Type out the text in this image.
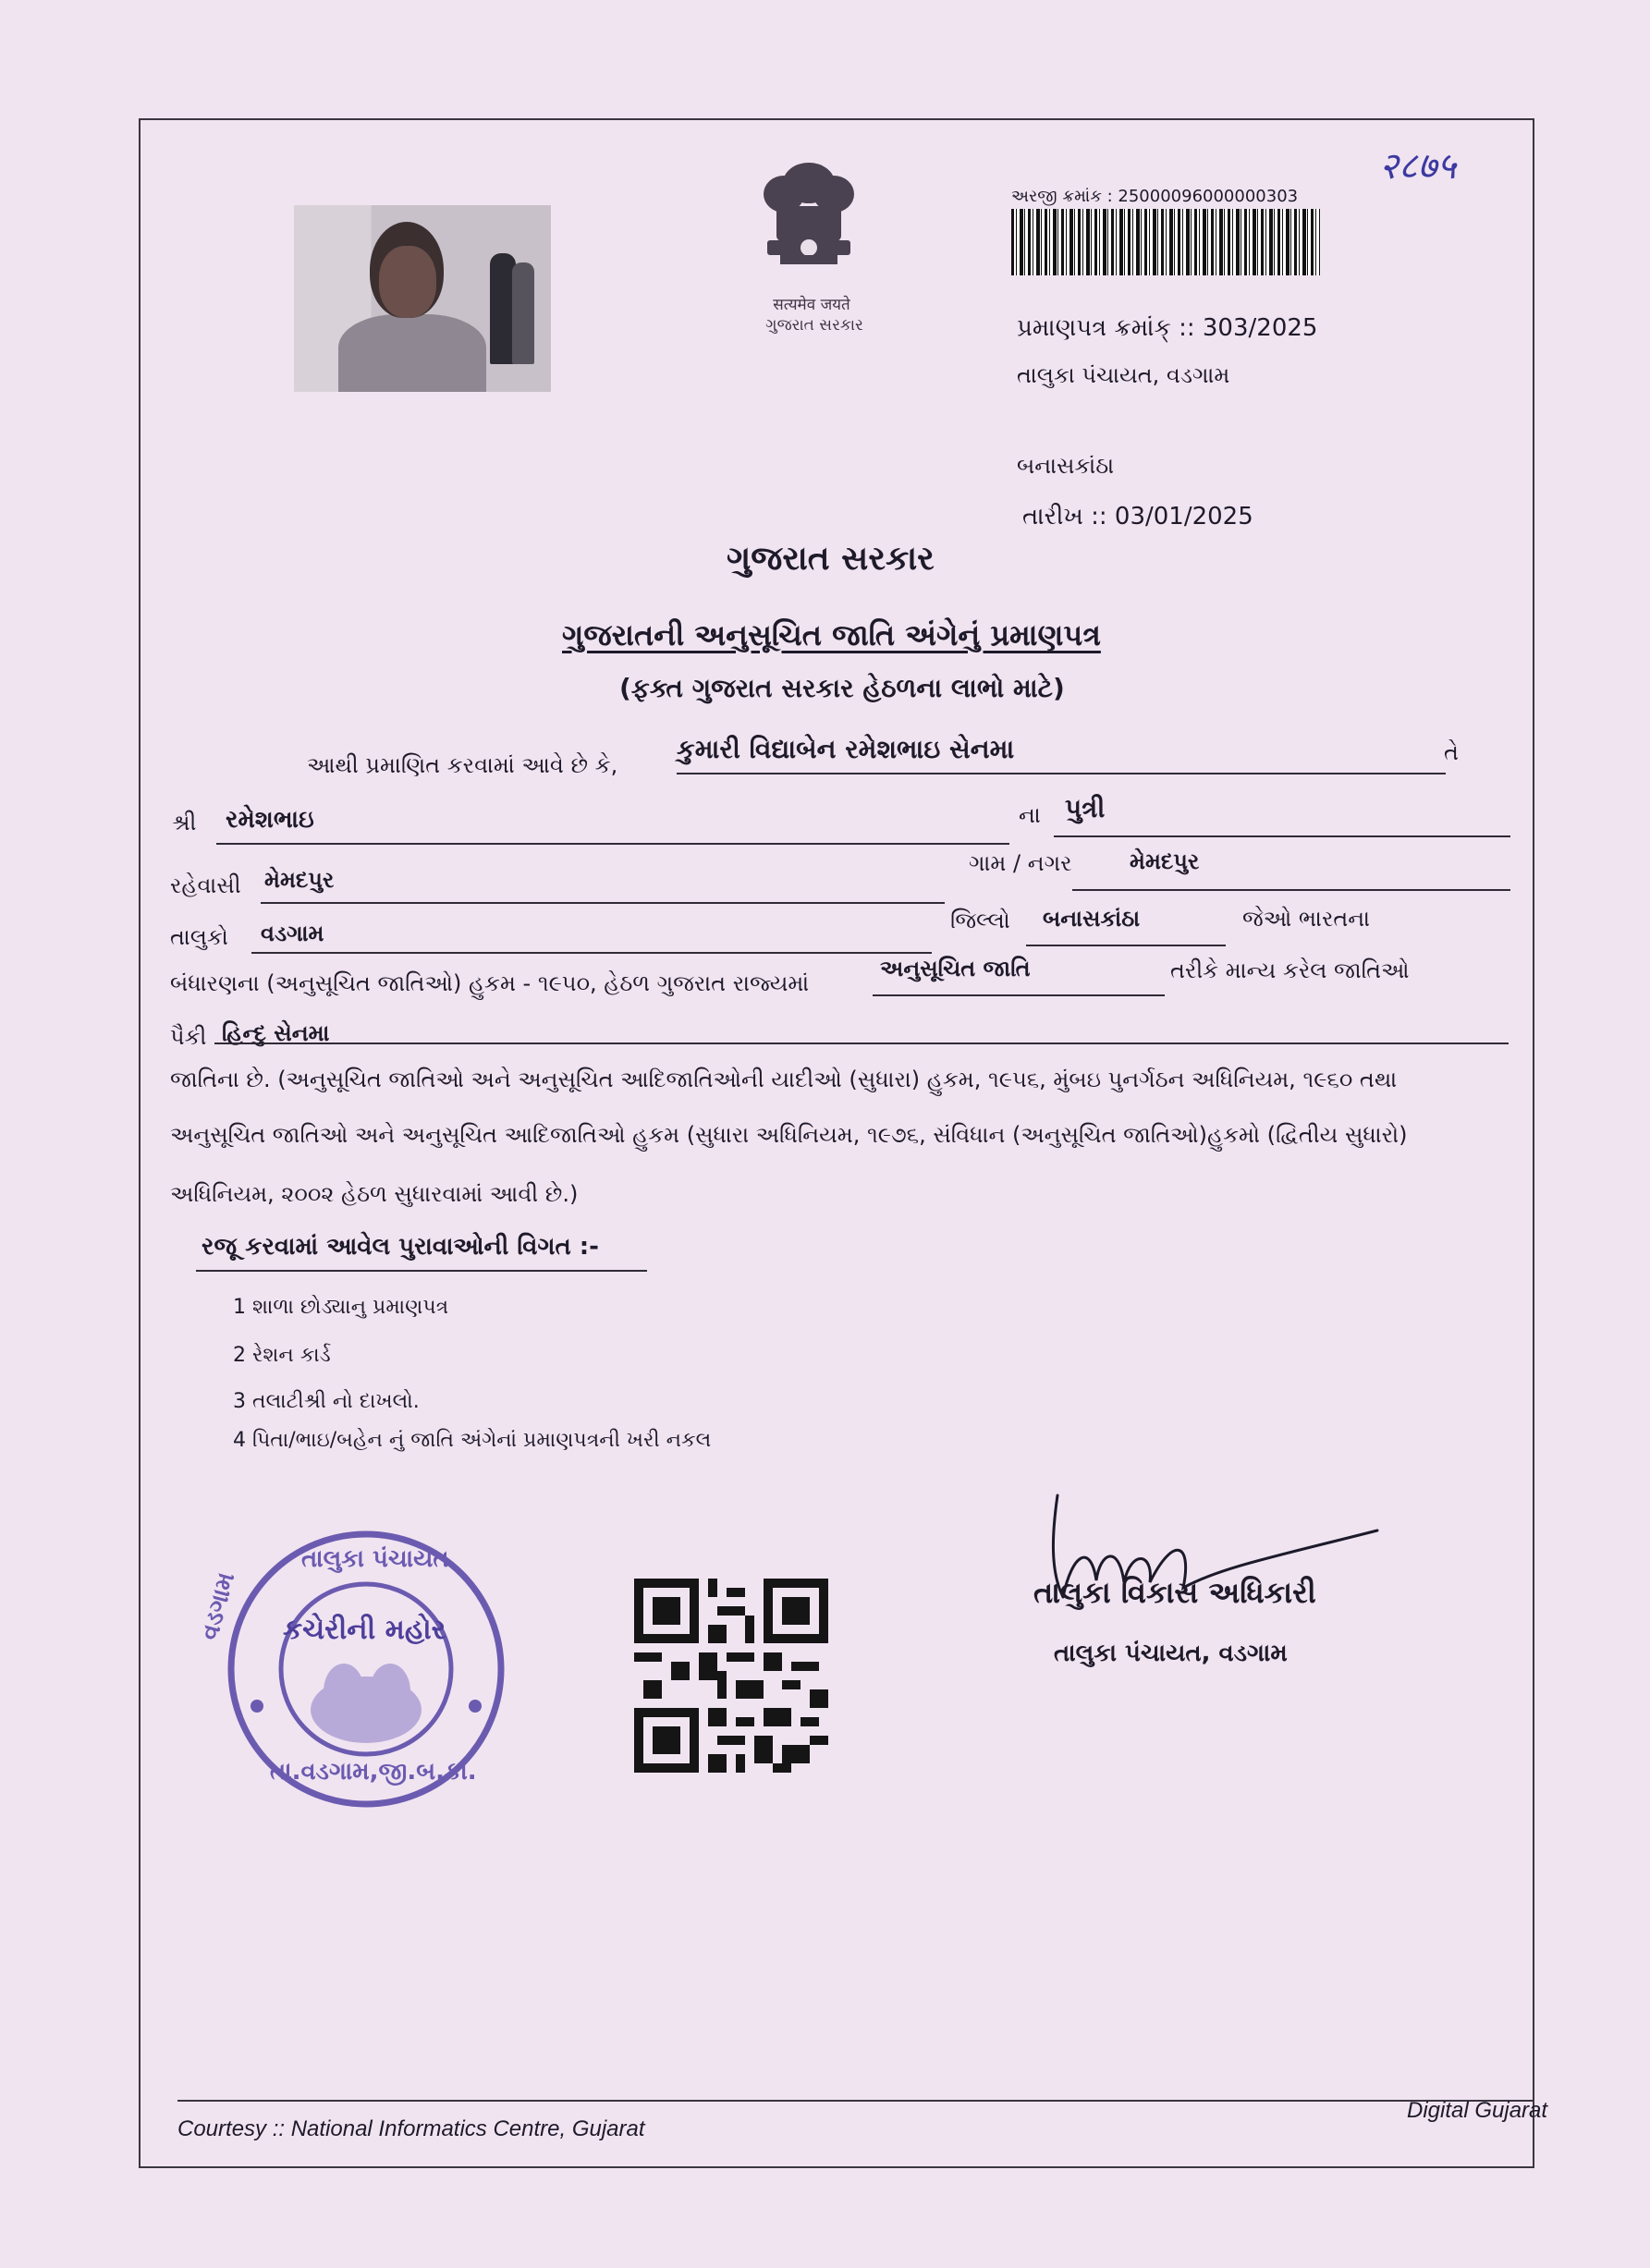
२८७५
सत्यमेव जयते
ગુજરાત સરકાર
અરજી ક્રમાંક : 25000096000000303
પ્રમાણપત્ર ક્રમાંક્ :: 303/2025
તાલુકા પંચાયત, વડગામ
બનાસકાંઠા
તારીખ :: 03/01/2025
ગુજરાત સરકાર
ગુજરાતની અનુસૂચિત જાતિ અંગેનું પ્રમાણપત્ર
(ફક્ત ગુજરાત સરકાર હેઠળના લાભો માટે)
આથી પ્રમાણિત કરવામાં આવે છે કે,
કુમારી વિદ્યાબેન રમેશભાઇ સેનમા	તે
શ્રી રમેશભાઇ	ના પુત્રી
રહેવાસી મેમદપુર
ગામ / નગર	મેમદપુર
તાલુકો વડગામ	જિલ્લો બનાસકાંઠા	જેઓ ભારતના
બંધારણના (અનુસૂચિત જાતિઓ) હુકમ - ૧૯૫૦, હેઠળ ગુજરાત રાજ્યમાં
અનુસૂચિત જાતિ	તરીકે માન્ય કરેલ જાતિઓ
પૈકી હિન્દુ સેનમા
જાતિના છે. (અનુસૂચિત જાતિઓ અને અનુસૂચિત આદિજાતિઓની યાદીઓ (સુધારા) હુકમ, ૧૯૫૬, મુંબઇ પુનર્ગઠન અધિનિયમ, ૧૯૬૦ તથા
અનુસૂચિત જાતિઓ અને અનુસૂચિત આદિજાતિઓ હુકમ (સુધારા અધિનિયમ, ૧૯૭૬, સંવિધાન (અનુસૂચિત જાતિઓ)હુકમો (દ્વિતીય સુધારો)
અધિનિયમ, ૨૦૦૨ હેઠળ સુધારવામાં આવી છે.)
રજૂ કરવામાં આવેલ પુરાવાઓની વિગત :-
1 શાળા છોડ્યાનુ પ્રમાણપત્ર
2 રેશન કાર્ડ
3 તલાટીશ્રી નો દાખલો.
4 પિતા/ભાઇ/બહેન નું જાતિ અંગેનાં પ્રમાણપત્રની ખરી નકલ
તાલુકા પંચાયત
વડગામ કચેરીની મહોર
તા.વડગામ,જી.બ.કાં.
તાલુકા વિકાસ અધિકારી
તાલુકા પંચાયત, વડગામ
Courtesy :: National Informatics Centre, Gujarat
Digital Gujarat
